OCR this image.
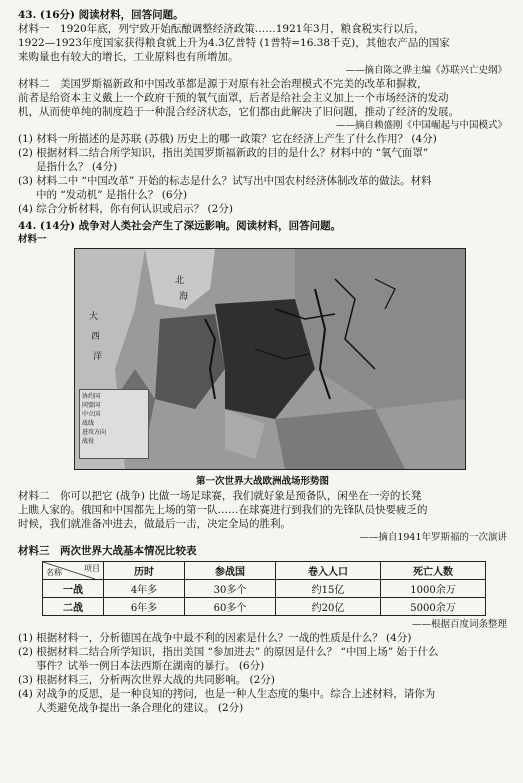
43. (16分) 阅读材料，回答问题。
材料一　1920年底，列宁致开始酝酿调整经济政策……1921年3月，粮食税实行以后，
1922—1923年度国家获得粮食就上升为4.3亿普特 (1普特=16.38千克)，其他农产品的国家
来购量也有较大的增长，工业原料也有所增加。
——摘自陈之骅主编《苏联兴亡史纲》
材料二　美国罗斯福新政和中国改革都是源于对原有社会治理模式不完美的改革和摒救，
前者是给资本主义戴上一个政府干预的氧气面罩，后者是给社会主义加上一个市场经济的发动
机，从而使单纯的制度趋于一种混合经济状态，它们都由此解决了旧问题，推动了经济的发展。
——摘自赖盛刚《中国崛起与中国模式》
(1) 材料一所描述的是苏联 (苏俄) 历史上的哪一政策？它在经济上产生了什么作用？ (4分)
(2) 根据材料二结合所学知识，指出美国罗斯福新政的目的是什么？材料中的 “氧气面罩”
是指什么？ (4分)
(3) 材料二中 “中国改革” 开始的标志是什么？试写出中国农村经济体制改革的做法。材料
中的 “发动机” 是指什么？ (6分)
(4) 综合分析材料，你有何认识或启示？ (2分)
44. (14分) 战争对人类社会产生了深远影响。阅读材料，回答问题。
材料一
北
海
大
西
洋
协约国
同盟国
中立国
战线
进攻方向
战役
第一次世界大战欧洲战场形势图
材料二　你可以把它 (战争) 比做一场足球赛，我们就好象是预备队，闲坐在一旁的长凳
上瞧人家的。俄国和中国都先上场的第一队……在球赛进行到我们的先锋队员快要疲乏的
时候，我们就准备冲进去，做最后一击，决定全局的胜利。
——摘自1941年罗斯福的一次演讲
材料三　两次世界大战基本情况比较表
项目
名称	历时	参战国	卷入人口	死亡人数
一战	4年多	30多个	约15亿	1000余万
二战	6年多	60多个	约20亿	5000余万
——根据百度词条整理
(1) 根据材料一，分析德国在战争中最不利的因素是什么？一战的性质是什么？ (4分)
(2) 根据材料二结合所学知识，指出美国 “参加进去” 的原因是什么？ “中国上场” 始于什么
事件？试举一例日本法西斯在湖南的暴行。 (6分)
(3) 根据材料三，分析两次世界大战的共同影响。 (2分)
(4) 对战争的反思，是一种良知的拷问，也是一种人生态度的集中。综合上述材料，请你为
人类避免战争提出一条合理化的建议。 (2分)
